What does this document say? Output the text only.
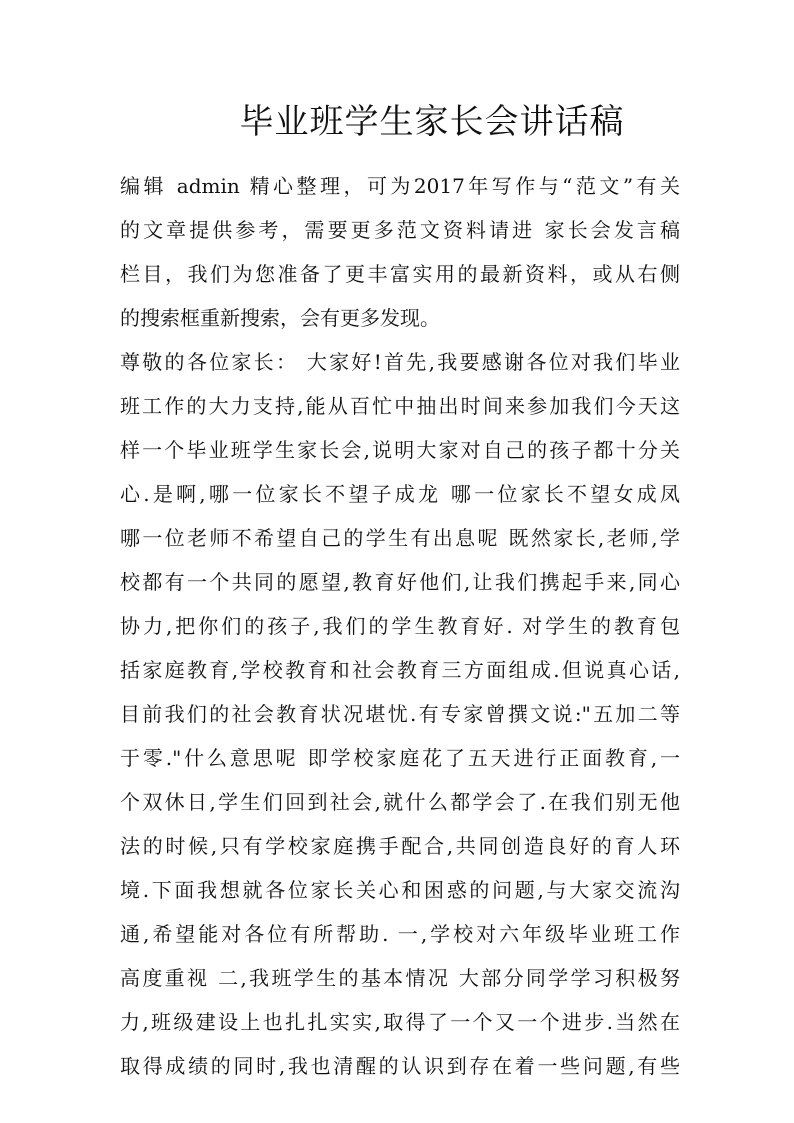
毕业班学生家长会讲话稿
编辑 admin 精心整理，可为2017年写作与“范文”有关
的文章提供参考，需要更多范文资料请进 家长会发言稿
栏目，我们为您准备了更丰富实用的最新资料，或从右侧
的搜索框重新搜索，会有更多发现。
尊敬的各位家长： 大家好!首先,我要感谢各位对我们毕业
班工作的大力支持,能从百忙中抽出时间来参加我们今天这
样一个毕业班学生家长会,说明大家对自己的孩子都十分关
心.是啊,哪一位家长不望子成龙 哪一位家长不望女成凤
哪一位老师不希望自己的学生有出息呢 既然家长,老师,学
校都有一个共同的愿望,教育好他们,让我们携起手来,同心
协力,把你们的孩子,我们的学生教育好. 对学生的教育包
括家庭教育,学校教育和社会教育三方面组成.但说真心话,
目前我们的社会教育状况堪忧.有专家曾撰文说:"五加二等
于零."什么意思呢 即学校家庭花了五天进行正面教育,一
个双休日,学生们回到社会,就什么都学会了.在我们别无他
法的时候,只有学校家庭携手配合,共同创造良好的育人环
境.下面我想就各位家长关心和困惑的问题,与大家交流沟
通,希望能对各位有所帮助. 一,学校对六年级毕业班工作
高度重视 二,我班学生的基本情况 大部分同学学习积极努
力,班级建设上也扎扎实实,取得了一个又一个进步.当然在
取得成绩的同时,我也清醒的认识到存在着一些问题,有些
